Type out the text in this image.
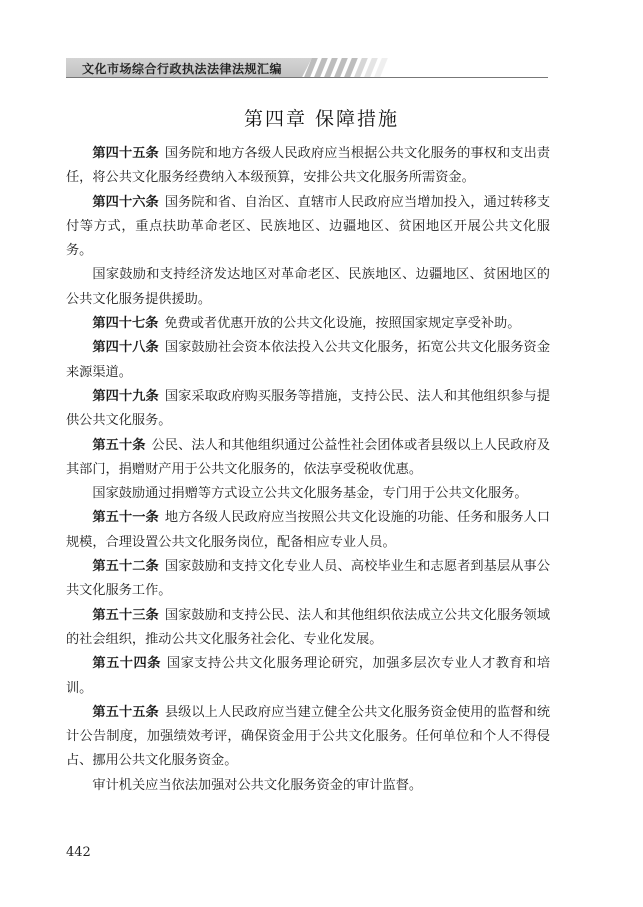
文化市场综合行政执法法律法规汇编
第四章 保障措施

第四十五条 国务院和地方各级人民政府应当根据公共文化服务的事权和支出责任，将公共文化服务经费纳入本级预算，安排公共文化服务所需资金。

第四十六条 国务院和省、自治区、直辖市人民政府应当增加投入，通过转移支付等方式，重点扶助革命老区、民族地区、边疆地区、贫困地区开展公共文化服务。

国家鼓励和支持经济发达地区对革命老区、民族地区、边疆地区、贫困地区的公共文化服务提供援助。

第四十七条 免费或者优惠开放的公共文化设施，按照国家规定享受补助。

第四十八条 国家鼓励社会资本依法投入公共文化服务，拓宽公共文化服务资金来源渠道。

第四十九条 国家采取政府购买服务等措施，支持公民、法人和其他组织参与提供公共文化服务。

第五十条 公民、法人和其他组织通过公益性社会团体或者县级以上人民政府及其部门，捐赠财产用于公共文化服务的，依法享受税收优惠。

国家鼓励通过捐赠等方式设立公共文化服务基金，专门用于公共文化服务。

第五十一条 地方各级人民政府应当按照公共文化设施的功能、任务和服务人口规模，合理设置公共文化服务岗位，配备相应专业人员。

第五十二条 国家鼓励和支持文化专业人员、高校毕业生和志愿者到基层从事公共文化服务工作。

第五十三条 国家鼓励和支持公民、法人和其他组织依法成立公共文化服务领域的社会组织，推动公共文化服务社会化、专业化发展。

第五十四条 国家支持公共文化服务理论研究，加强多层次专业人才教育和培训。

第五十五条 县级以上人民政府应当建立健全公共文化服务资金使用的监督和统计公告制度，加强绩效考评，确保资金用于公共文化服务。任何单位和个人不得侵占、挪用公共文化服务资金。

审计机关应当依法加强对公共文化服务资金的审计监督。

442
